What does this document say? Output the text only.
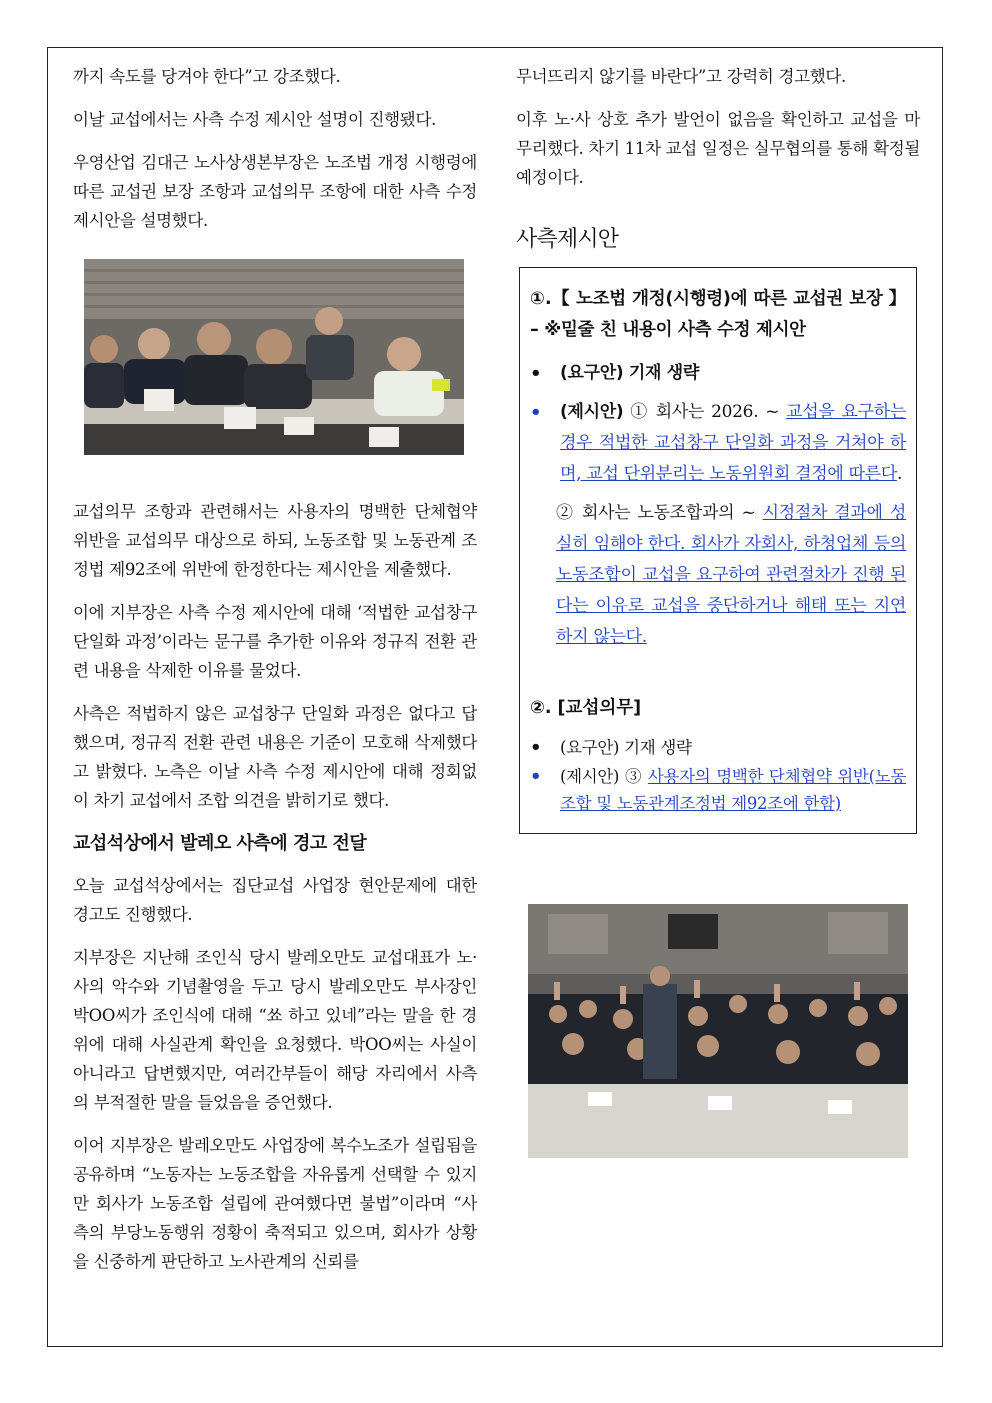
까지 속도를 당겨야 한다”고 강조했다.

이날 교섭에서는 사측 수정 제시안 설명이 진행됐다.

우영산업 김대근 노사상생본부장은 노조법 개정 시행령에 따른 교섭권 보장 조항과 교섭의무 조항에 대한 사측 수정 제시안을 설명했다.

교섭의무 조항과 관련해서는 사용자의 명백한 단체협약 위반을 교섭의무 대상으로 하되, 노동조합 및 노동관계 조정법 제92조에 위반에 한정한다는 제시안을 제출했다.

이에 지부장은 사측 수정 제시안에 대해 ‘적법한 교섭창구 단일화 과정’이라는 문구를 추가한 이유와 정규직 전환 관련 내용을 삭제한 이유를 물었다.

사측은 적법하지 않은 교섭창구 단일화 과정은 없다고 답했으며, 정규직 전환 관련 내용은 기준이 모호해 삭제했다고 밝혔다. 노측은 이날 사측 수정 제시안에 대해 정회없이 차기 교섭에서 조합 의견을 밝히기로 했다.

교섭석상에서 발레오 사측에 경고 전달

오늘 교섭석상에서는 집단교섭 사업장 현안문제에 대한 경고도 진행했다.

지부장은 지난해 조인식 당시 발레오만도 교섭대표가 노·사의 악수와 기념촬영을 두고 당시 발레오만도 부사장인 박OO씨가 조인식에 대해 “쑈 하고 있네”라는 말을 한 경위에 대해 사실관계 확인을 요청했다. 박OO씨는 사실이 아니라고 답변했지만, 여러간부들이 해당 자리에서 사측의 부적절한 말을 들었음을 증언했다.

이어 지부장은 발레오만도 사업장에 복수노조가 설립됨을 공유하며 “노동자는 노동조합을 자유롭게 선택할 수 있지만 회사가 노동조합 설립에 관여했다면 불법”이라며 “사측의 부당노동행위 정황이 축적되고 있으며, 회사가 상황을 신중하게 판단하고 노사관계의 신뢰를

무너뜨리지 않기를 바란다”고 강력히 경고했다.

이후 노·사 상호 추가 발언이 없음을 확인하고 교섭을 마무리했다. 차기 11차 교섭 일정은 실무협의를 통해 확정될 예정이다.

사측제시안
①.【 노조법 개정(시행령)에 따른 교섭권 보장 】 – ※밑줄 친 내용이 사측 수정 제시안
•	(요구안) 기재 생략
•	(제시안) ① 회사는 2026. ~ 교섭을 요구하는 경우 적법한 교섭창구 단일화 과정을 거쳐야 하며, 교섭 단위분리는 노동위원회 결정에 따른다.
② 회사는 노동조합과의 ~ 시정절차 결과에 성실히 임해야 한다. 회사가 자회사, 하청업체 등의 노동조합이 교섭을 요구하여 관련절차가 진행 된다는 이유로 교섭을 중단하거나 해태 또는 지연하지 않는다.
②. [교섭의무]
•	(요구안) 기재 생략
•	(제시안) ③ 사용자의 명백한 단체협약 위반(노동조합 및 노동관계조정법 제92조에 한함)
